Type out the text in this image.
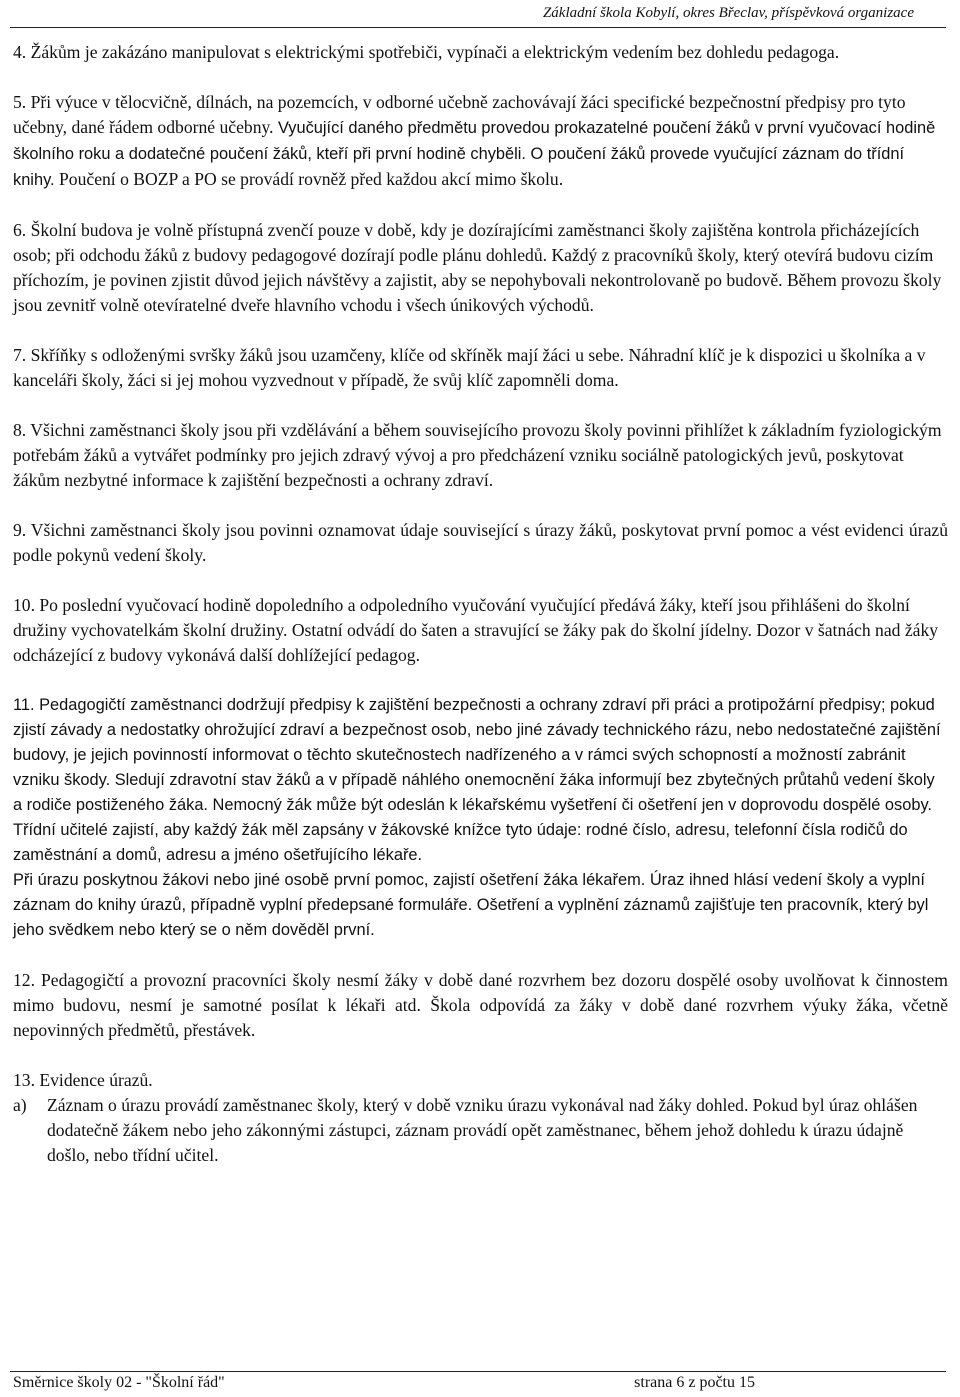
Základní škola Kobylí, okres Břeclav, příspěvková organizace

4. Žákům je zakázáno manipulovat s elektrickými spotřebiči, vypínači a elektrickým vedením bez dohledu pedagoga.

5. Při výuce v tělocvičně, dílnách, na pozemcích, v odborné učebně zachovávají žáci specifické bezpečnostní předpisy pro tyto učebny, dané řádem odborné učebny. Vyučující daného předmětu provedou prokazatelné poučení žáků v první vyučovací hodině školního roku a dodatečné poučení žáků, kteří při první hodině chyběli. O poučení žáků provede vyučující záznam do třídní knihy. Poučení o BOZP a PO se provádí rovněž před každou akcí mimo školu.

6. Školní budova je volně přístupná zvenčí pouze v době, kdy je dozírajícími zaměstnanci školy zajištěna kontrola přicházejících osob; při odchodu žáků z budovy pedagogové dozírají podle plánu dohledů. Každý z pracovníků školy, který otevírá budovu cizím příchozím, je povinen zjistit důvod jejich návštěvy a zajistit, aby se nepohybovali nekontrolovaně po budově. Během provozu školy jsou zevnitř volně otevíratelné dveře hlavního vchodu i všech únikových východů.

7. Skříňky s odloženými svršky žáků jsou uzamčeny, klíče od skříněk mají žáci u sebe. Náhradní klíč je k dispozici u školníka a v kanceláři školy, žáci si jej mohou vyzvednout v případě, že svůj klíč zapomněli doma.

8. Všichni zaměstnanci školy jsou při vzdělávání a během souvisejícího provozu školy povinni přihlížet k základním fyziologickým potřebám žáků a vytvářet podmínky pro jejich zdravý vývoj a pro předcházení vzniku sociálně patologických jevů, poskytovat žákům nezbytné informace k zajištění bezpečnosti a ochrany zdraví.

9. Všichni zaměstnanci školy jsou povinni oznamovat údaje související s úrazy žáků, poskytovat první pomoc a vést evidenci úrazů podle pokynů vedení školy.

10. Po poslední vyučovací hodině dopoledního a odpoledního vyučování vyučující předává žáky, kteří jsou přihlášeni do školní družiny vychovatelkám školní družiny. Ostatní odvádí do šaten a stravující se žáky pak do školní jídelny. Dozor v šatnách nad žáky odcházející z budovy vykonává další dohlížející pedagog.

11. Pedagogičtí zaměstnanci dodržují předpisy k zajištění bezpečnosti a ochrany zdraví při práci a protipožární předpisy; pokud zjistí závady a nedostatky ohrožující zdraví a bezpečnost osob, nebo jiné závady technického rázu, nebo nedostatečné zajištění budovy, je jejich povinností informovat o těchto skutečnostech nadřízeného a v rámci svých schopností a možností zabránit vzniku škody. Sledují zdravotní stav žáků a v případě náhlého onemocnění žáka informují bez zbytečných průtahů vedení školy a rodiče postiženého žáka. Nemocný žák může být odeslán k lékařskému vyšetření či ošetření jen v doprovodu dospělé osoby. Třídní učitelé zajistí, aby každý žák měl zapsány v žákovské knížce tyto údaje: rodné číslo, adresu, telefonní čísla rodičů do zaměstnání a domů, adresu a jméno ošetřujícího lékaře.

Při úrazu poskytnou žákovi nebo jiné osobě první pomoc, zajistí ošetření žáka lékařem. Úraz ihned hlásí vedení školy a vyplní záznam do knihy úrazů, případně vyplní předepsané formuláře. Ošetření a vyplnění záznamů zajišťuje ten pracovník, který byl jeho svědkem nebo který se o něm dověděl první.

12. Pedagogičtí a provozní pracovníci školy nesmí žáky v době dané rozvrhem bez dozoru dospělé osoby uvolňovat k činnostem mimo budovu, nesmí je samotné posílat k lékaři atd. Škola odpovídá za žáky v době dané rozvrhem výuky žáka, včetně nepovinných předmětů, přestávek.

13. Evidence úrazů.

a)	Záznam o úrazu provádí zaměstnanec školy, který v době vzniku úrazu vykonával nad žáky dohled. Pokud byl úraz ohlášen dodatečně žákem nebo jeho zákonnými zástupci, záznam provádí opět zaměstnanec, během jehož dohledu k úrazu údajně došlo, nebo třídní učitel.
Směrnice školy 02 - "Školní řád"	strana 6 z počtu 15
